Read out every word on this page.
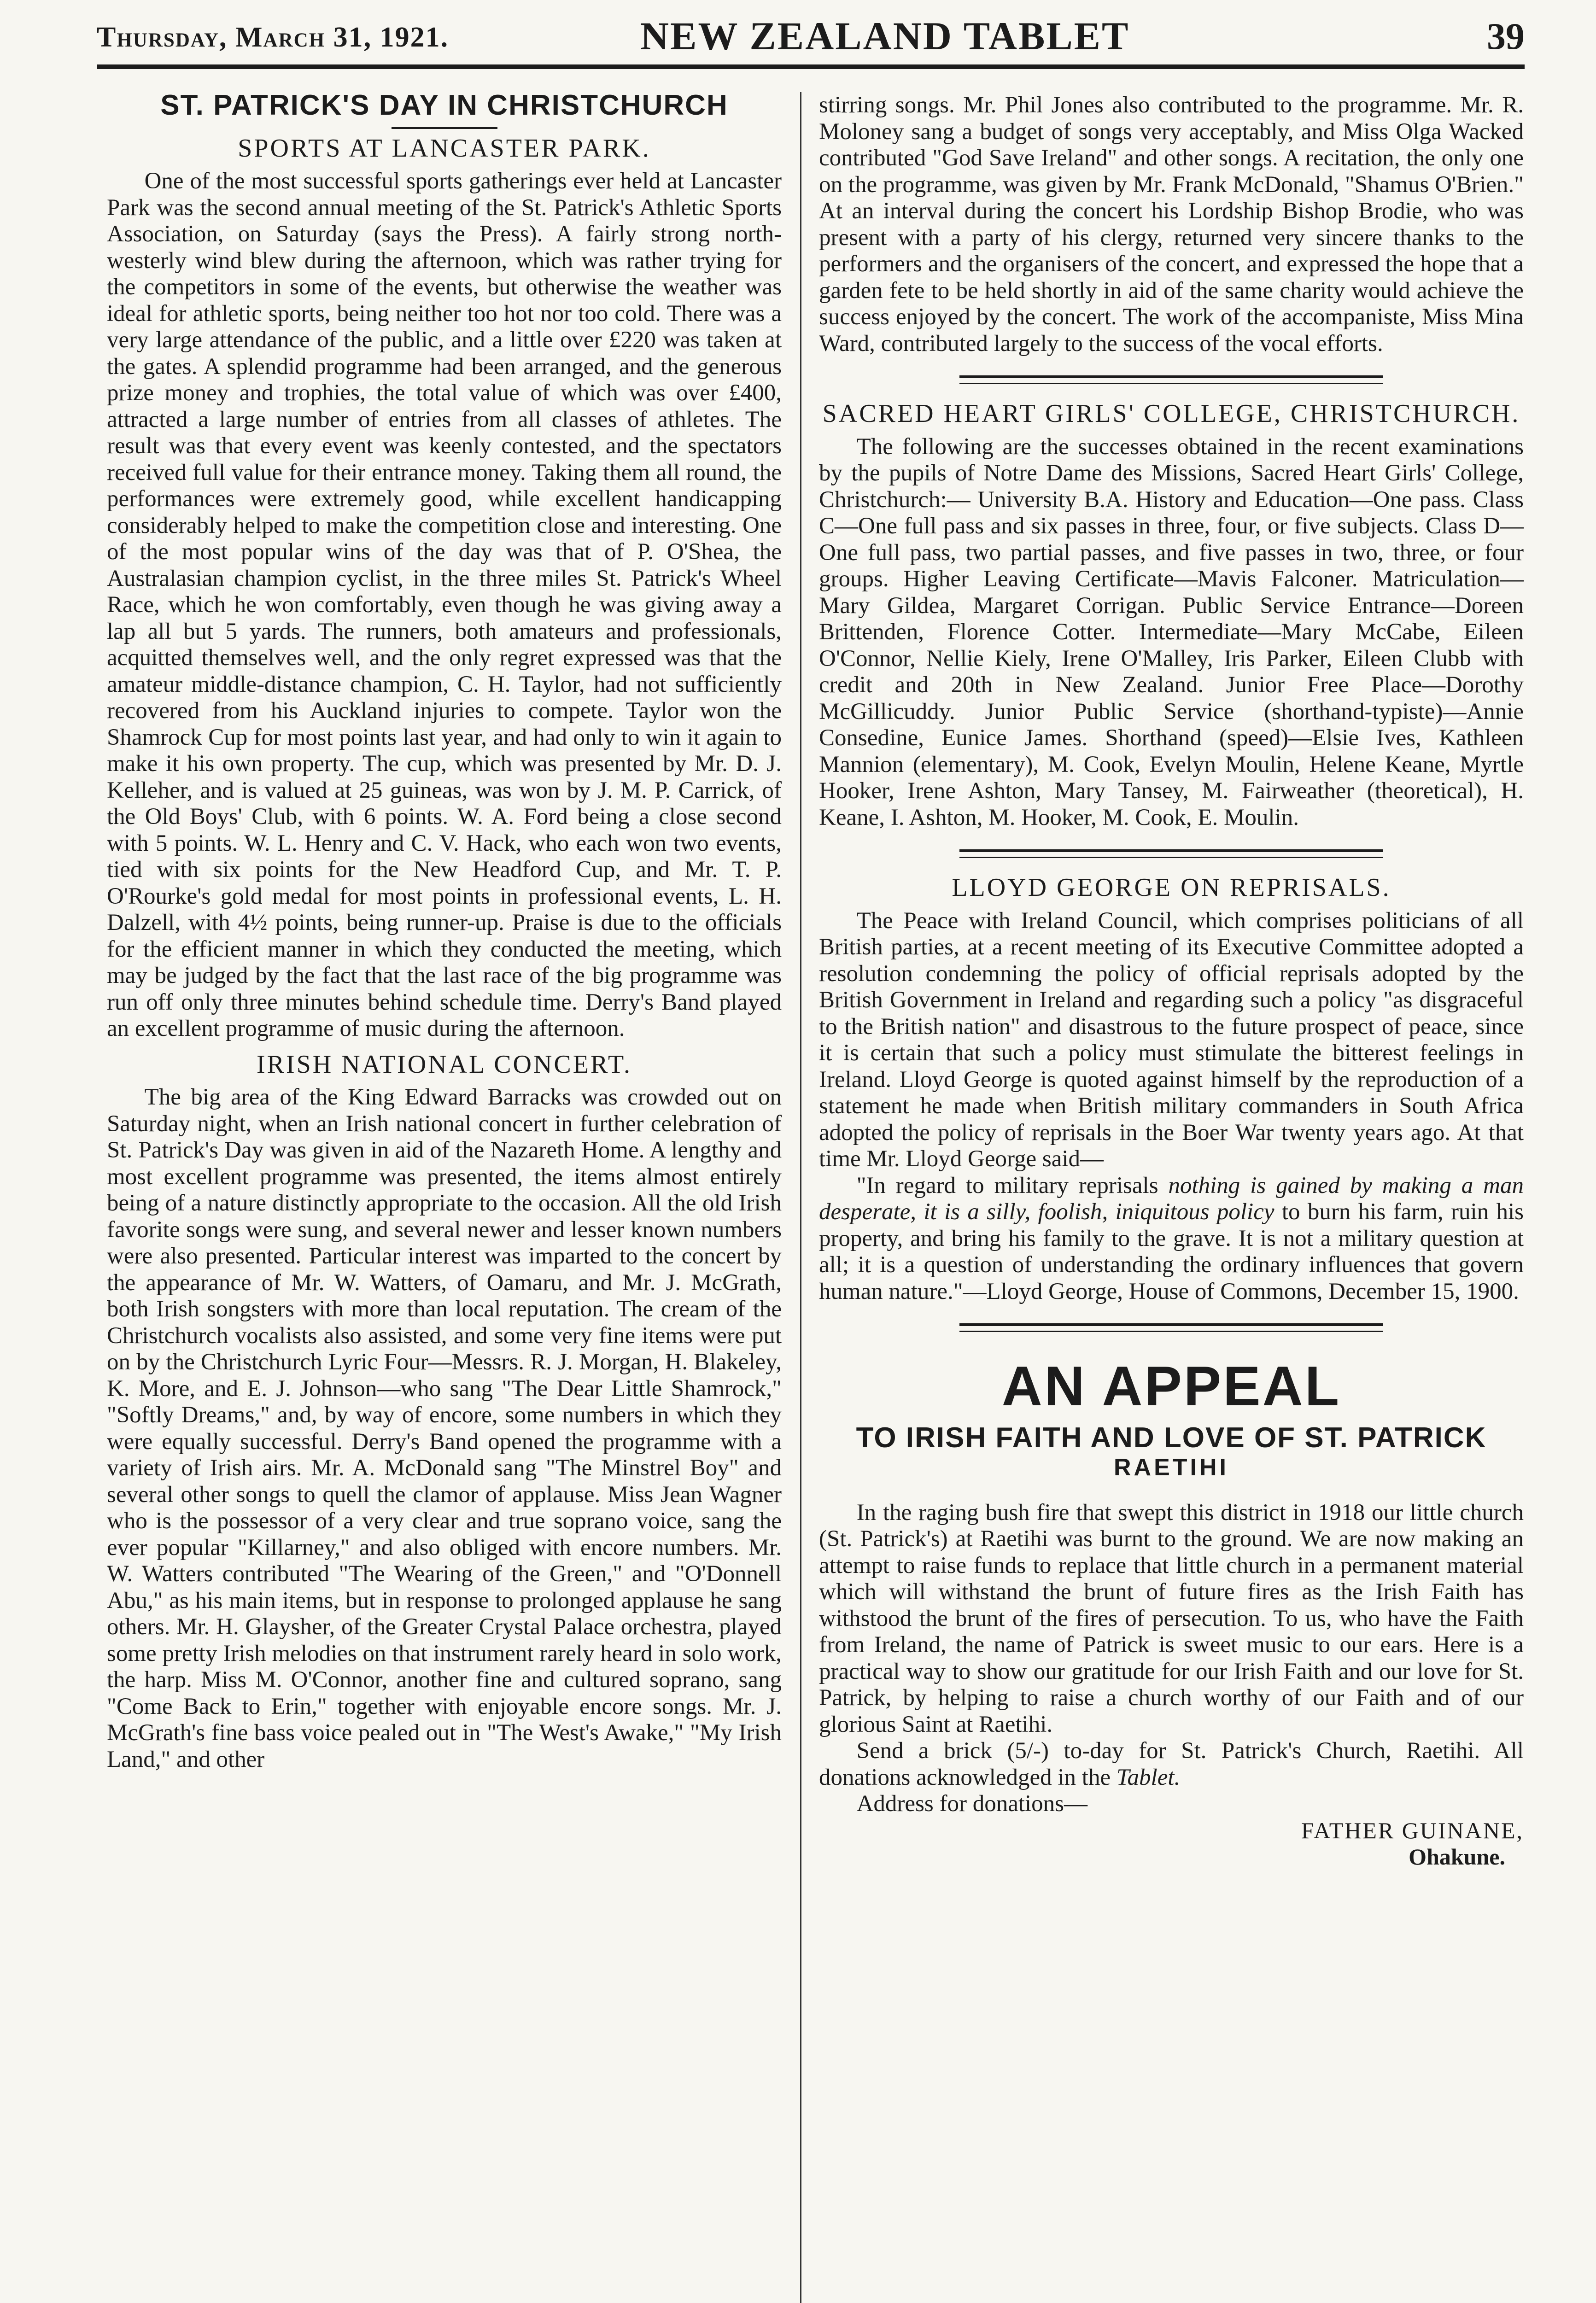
Thursday, March 31, 1921.	NEW ZEALAND TABLET	39
ST. PATRICK'S DAY IN CHRISTCHURCH
SPORTS AT LANCASTER PARK.

One of the most successful sports gatherings ever held at Lancaster Park was the second annual meeting of the St. Patrick's Athletic Sports Association, on Saturday (says the Press). A fairly strong north-westerly wind blew during the afternoon, which was rather trying for the competitors in some of the events, but otherwise the weather was ideal for athletic sports, being neither too hot nor too cold. There was a very large attendance of the public, and a little over £220 was taken at the gates. A splendid programme had been arranged, and the generous prize money and trophies, the total value of which was over £400, attracted a large number of entries from all classes of athletes. The result was that every event was keenly contested, and the spectators received full value for their entrance money. Taking them all round, the performances were extremely good, while excellent handicapping considerably helped to make the competition close and interesting. One of the most popular wins of the day was that of P. O'Shea, the Australasian champion cyclist, in the three miles St. Patrick's Wheel Race, which he won comfortably, even though he was giving away a lap all but 5 yards. The runners, both amateurs and professionals, acquitted themselves well, and the only regret expressed was that the amateur middle-distance champion, C. H. Taylor, had not sufficiently recovered from his Auckland injuries to compete. Taylor won the Shamrock Cup for most points last year, and had only to win it again to make it his own property. The cup, which was presented by Mr. D. J. Kelleher, and is valued at 25 guineas, was won by J. M. P. Carrick, of the Old Boys' Club, with 6 points. W. A. Ford being a close second with 5 points. W. L. Henry and C. V. Hack, who each won two events, tied with six points for the New Headford Cup, and Mr. T. P. O'Rourke's gold medal for most points in professional events, L. H. Dalzell, with 4½ points, being runner-up. Praise is due to the officials for the efficient manner in which they conducted the meeting, which may be judged by the fact that the last race of the big programme was run off only three minutes behind schedule time. Derry's Band played an excellent programme of music during the afternoon.

IRISH NATIONAL CONCERT.

The big area of the King Edward Barracks was crowded out on Saturday night, when an Irish national concert in further celebration of St. Patrick's Day was given in aid of the Nazareth Home. A lengthy and most excellent programme was presented, the items almost entirely being of a nature distinctly appropriate to the occasion. All the old Irish favorite songs were sung, and several newer and lesser known numbers were also presented. Particular interest was imparted to the concert by the appearance of Mr. W. Watters, of Oamaru, and Mr. J. McGrath, both Irish songsters with more than local reputation. The cream of the Christchurch vocalists also assisted, and some very fine items were put on by the Christchurch Lyric Four—Messrs. R. J. Morgan, H. Blakeley, K. More, and E. J. Johnson—who sang "The Dear Little Shamrock," "Softly Dreams," and, by way of encore, some numbers in which they were equally successful. Derry's Band opened the programme with a variety of Irish airs. Mr. A. McDonald sang "The Minstrel Boy" and several other songs to quell the clamor of applause. Miss Jean Wagner who is the possessor of a very clear and true soprano voice, sang the ever popular "Killarney," and also obliged with encore numbers. Mr. W. Watters contributed "The Wearing of the Green," and "O'Donnell Abu," as his main items, but in response to prolonged applause he sang others. Mr. H. Glaysher, of the Greater Crystal Palace orchestra, played some pretty Irish melodies on that instrument rarely heard in solo work, the harp. Miss M. O'Connor, another fine and cultured soprano, sang "Come Back to Erin," together with enjoyable encore songs. Mr. J. McGrath's fine bass voice pealed out in "The West's Awake," "My Irish Land," and other

stirring songs. Mr. Phil Jones also contributed to the programme. Mr. R. Moloney sang a budget of songs very acceptably, and Miss Olga Wacked contributed "God Save Ireland" and other songs. A recitation, the only one on the programme, was given by Mr. Frank McDonald, "Shamus O'Brien." At an interval during the concert his Lordship Bishop Brodie, who was present with a party of his clergy, returned very sincere thanks to the performers and the organisers of the concert, and expressed the hope that a garden fete to be held shortly in aid of the same charity would achieve the success enjoyed by the concert. The work of the accompaniste, Miss Mina Ward, contributed largely to the success of the vocal efforts.

SACRED HEART GIRLS' COLLEGE, CHRISTCHURCH.

The following are the successes obtained in the recent examinations by the pupils of Notre Dame des Missions, Sacred Heart Girls' College, Christchurch:— University B.A. History and Education—One pass. Class C—One full pass and six passes in three, four, or five subjects. Class D—One full pass, two partial passes, and five passes in two, three, or four groups. Higher Leaving Certificate—Mavis Falconer. Matriculation—Mary Gildea, Margaret Corrigan. Public Service Entrance—Doreen Brittenden, Florence Cotter. Intermediate—Mary McCabe, Eileen O'Connor, Nellie Kiely, Irene O'Malley, Iris Parker, Eileen Clubb with credit and 20th in New Zealand. Junior Free Place—Dorothy McGillicuddy. Junior Public Service (shorthand-typiste)—Annie Consedine, Eunice James. Shorthand (speed)—Elsie Ives, Kathleen Mannion (elementary), M. Cook, Evelyn Moulin, Helene Keane, Myrtle Hooker, Irene Ashton, Mary Tansey, M. Fairweather (theoretical), H. Keane, I. Ashton, M. Hooker, M. Cook, E. Moulin.

LLOYD GEORGE ON REPRISALS.

The Peace with Ireland Council, which comprises politicians of all British parties, at a recent meeting of its Executive Committee adopted a resolution condemning the policy of official reprisals adopted by the British Government in Ireland and regarding such a policy "as disgraceful to the British nation" and disastrous to the future prospect of peace, since it is certain that such a policy must stimulate the bitterest feelings in Ireland. Lloyd George is quoted against himself by the reproduction of a statement he made when British military commanders in South Africa adopted the policy of reprisals in the Boer War twenty years ago. At that time Mr. Lloyd George said—

"In regard to military reprisals nothing is gained by making a man desperate, it is a silly, foolish, iniquitous policy to burn his farm, ruin his property, and bring his family to the grave. It is not a military question at all; it is a question of understanding the ordinary influences that govern human nature."—Lloyd George, House of Commons, December 15, 1900.

AN APPEAL
TO IRISH FAITH AND LOVE OF ST. PATRICK
RAETIHI

In the raging bush fire that swept this district in 1918 our little church (St. Patrick's) at Raetihi was burnt to the ground. We are now making an attempt to raise funds to replace that little church in a permanent material which will withstand the brunt of future fires as the Irish Faith has withstood the brunt of the fires of persecution. To us, who have the Faith from Ireland, the name of Patrick is sweet music to our ears. Here is a practical way to show our gratitude for our Irish Faith and our love for St. Patrick, by helping to raise a church worthy of our Faith and of our glorious Saint at Raetihi.

Send a brick (5/-) to-day for St. Patrick's Church, Raetihi. All donations acknowledged in the Tablet.

Address for donations—

FATHER GUINANE,
Ohakune.
